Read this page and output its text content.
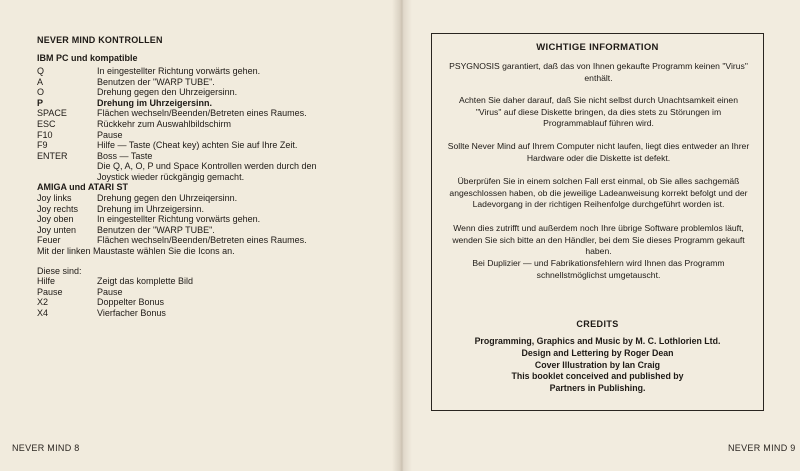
NEVER MIND KONTROLLEN
IBM PC und kompatible
Q	In eingestellter Richtung vorwärts gehen.
A	Benutzen der "WARP TUBE".
O	Drehung gegen den Uhrzeigersinn.
P	Drehung im Uhrzeigersinn.
SPACE	Flächen wechseln/Beenden/Betreten eines Raumes.
ESC	Rückkehr zum Auswahlbildschirm
F10	Pause
F9	Hilfe — Taste (Cheat key) achten Sie auf Ihre Zeit.
ENTER	Boss — Taste
Die Q, A, O, P und Space Kontrollen werden durch den Joystick wieder rückgängig gemacht.
AMIGA und ATARI ST
Joy links	Drehung gegen den Uhrzeiqersinn.
Joy rechts	Drehung im Uhrzeigersinn.
Joy oben	In eingestellter Richtung vorwärts gehen.
Joy unten	Benutzen der "WARP TUBE".
Feuer	Flächen wechseln/Beenden/Betreten eines Raumes.
Mit der linken Maustaste wählen Sie die Icons an.
Diese sind:
Hilfe	Zeigt das komplette Bild
Pause	Pause
X2	Doppelter Bonus
X4	Vierfacher Bonus
NEVER MIND 8	NEVER MIND 9
WICHTIGE INFORMATION
PSYGNOSIS garantiert, daß das von Ihnen gekaufte Programm keinen "Virus" enthält.
Achten Sie daher darauf, daß Sie nicht selbst durch Unachtsamkeit einen "Virus" auf diese Diskette bringen, da dies stets zu Störungen im Programmablauf führen wird.
Sollte Never Mind auf Ihrem Computer nicht laufen, liegt dies entweder an Ihrer Hardware oder die Diskette ist defekt.
Überprüfen Sie in einem solchen Fall erst einmal, ob Sie alles sachgemäß angeschlossen haben, ob die jeweilige Ladeanweisung korrekt befolgt und der Ladevorgang in der richtigen Reihenfolge durchgeführt worden ist.
Wenn dies zutrifft und außerdem noch Ihre übrige Software problemlos läuft, wenden Sie sich bitte an den Händler, bei dem Sie dieses Programm gekauft haben.
Bei Duplizier — und Fabrikationsfehlern wird Ihnen das Programm schnellstmöglichst umgetauscht.
CREDITS
Programming, Graphics and Music by M. C. Lothlorien Ltd.
Design and Lettering by Roger Dean
Cover Illustration by Ian Craig
This booklet conceived and published by
Partners in Publishing.
